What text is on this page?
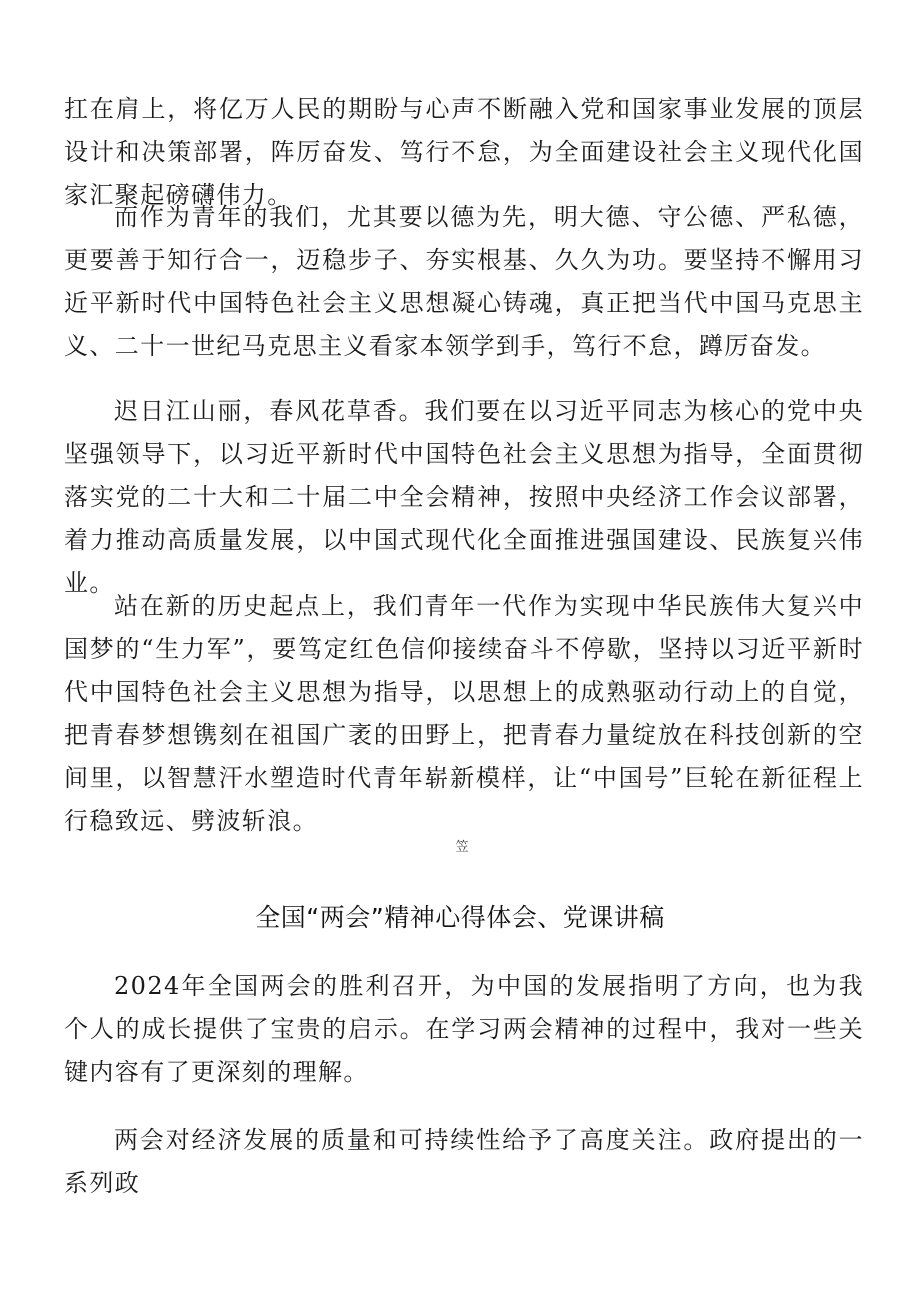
扛在肩上，将亿万人民的期盼与心声不断融入党和国家事业发展的顶层设计和决策部署，阵厉奋发、笃行不怠，为全面建设社会主义现代化国家汇聚起磅礴伟力。

而作为青年的我们，尤其要以德为先，明大德、守公德、严私德，更要善于知行合一，迈稳步子、夯实根基、久久为功。要坚持不懈用习近平新时代中国特色社会主义思想凝心铸魂，真正把当代中国马克思主义、二十一世纪马克思主义看家本领学到手，笃行不怠，蹲厉奋发。

迟日江山丽，春风花草香。我们要在以习近平同志为核心的党中央坚强领导下，以习近平新时代中国特色社会主义思想为指导，全面贯彻落实党的二十大和二十届二中全会精神，按照中央经济工作会议部署，着力推动高质量发展，以中国式现代化全面推进强国建设、民族复兴伟业。

站在新的历史起点上，我们青年一代作为实现中华民族伟大复兴中国梦的“生力军”，要笃定红色信仰接续奋斗不停歇，坚持以习近平新时代中国特色社会主义思想为指导，以思想上的成熟驱动行动上的自觉，把青春梦想镌刻在祖国广袤的田野上，把青春力量绽放在科技创新的空间里，以智慧汗水塑造时代青年崭新模样，让“中国号”巨轮在新征程上行稳致远、劈波斩浪。

笠
全国“两会”精神心得体会、党课讲稿

2024年全国两会的胜利召开，为中国的发展指明了方向，也为我个人的成长提供了宝贵的启示。在学习两会精神的过程中，我对一些关键内容有了更深刻的理解。

两会对经济发展的质量和可持续性给予了高度关注。政府提出的一系列政
